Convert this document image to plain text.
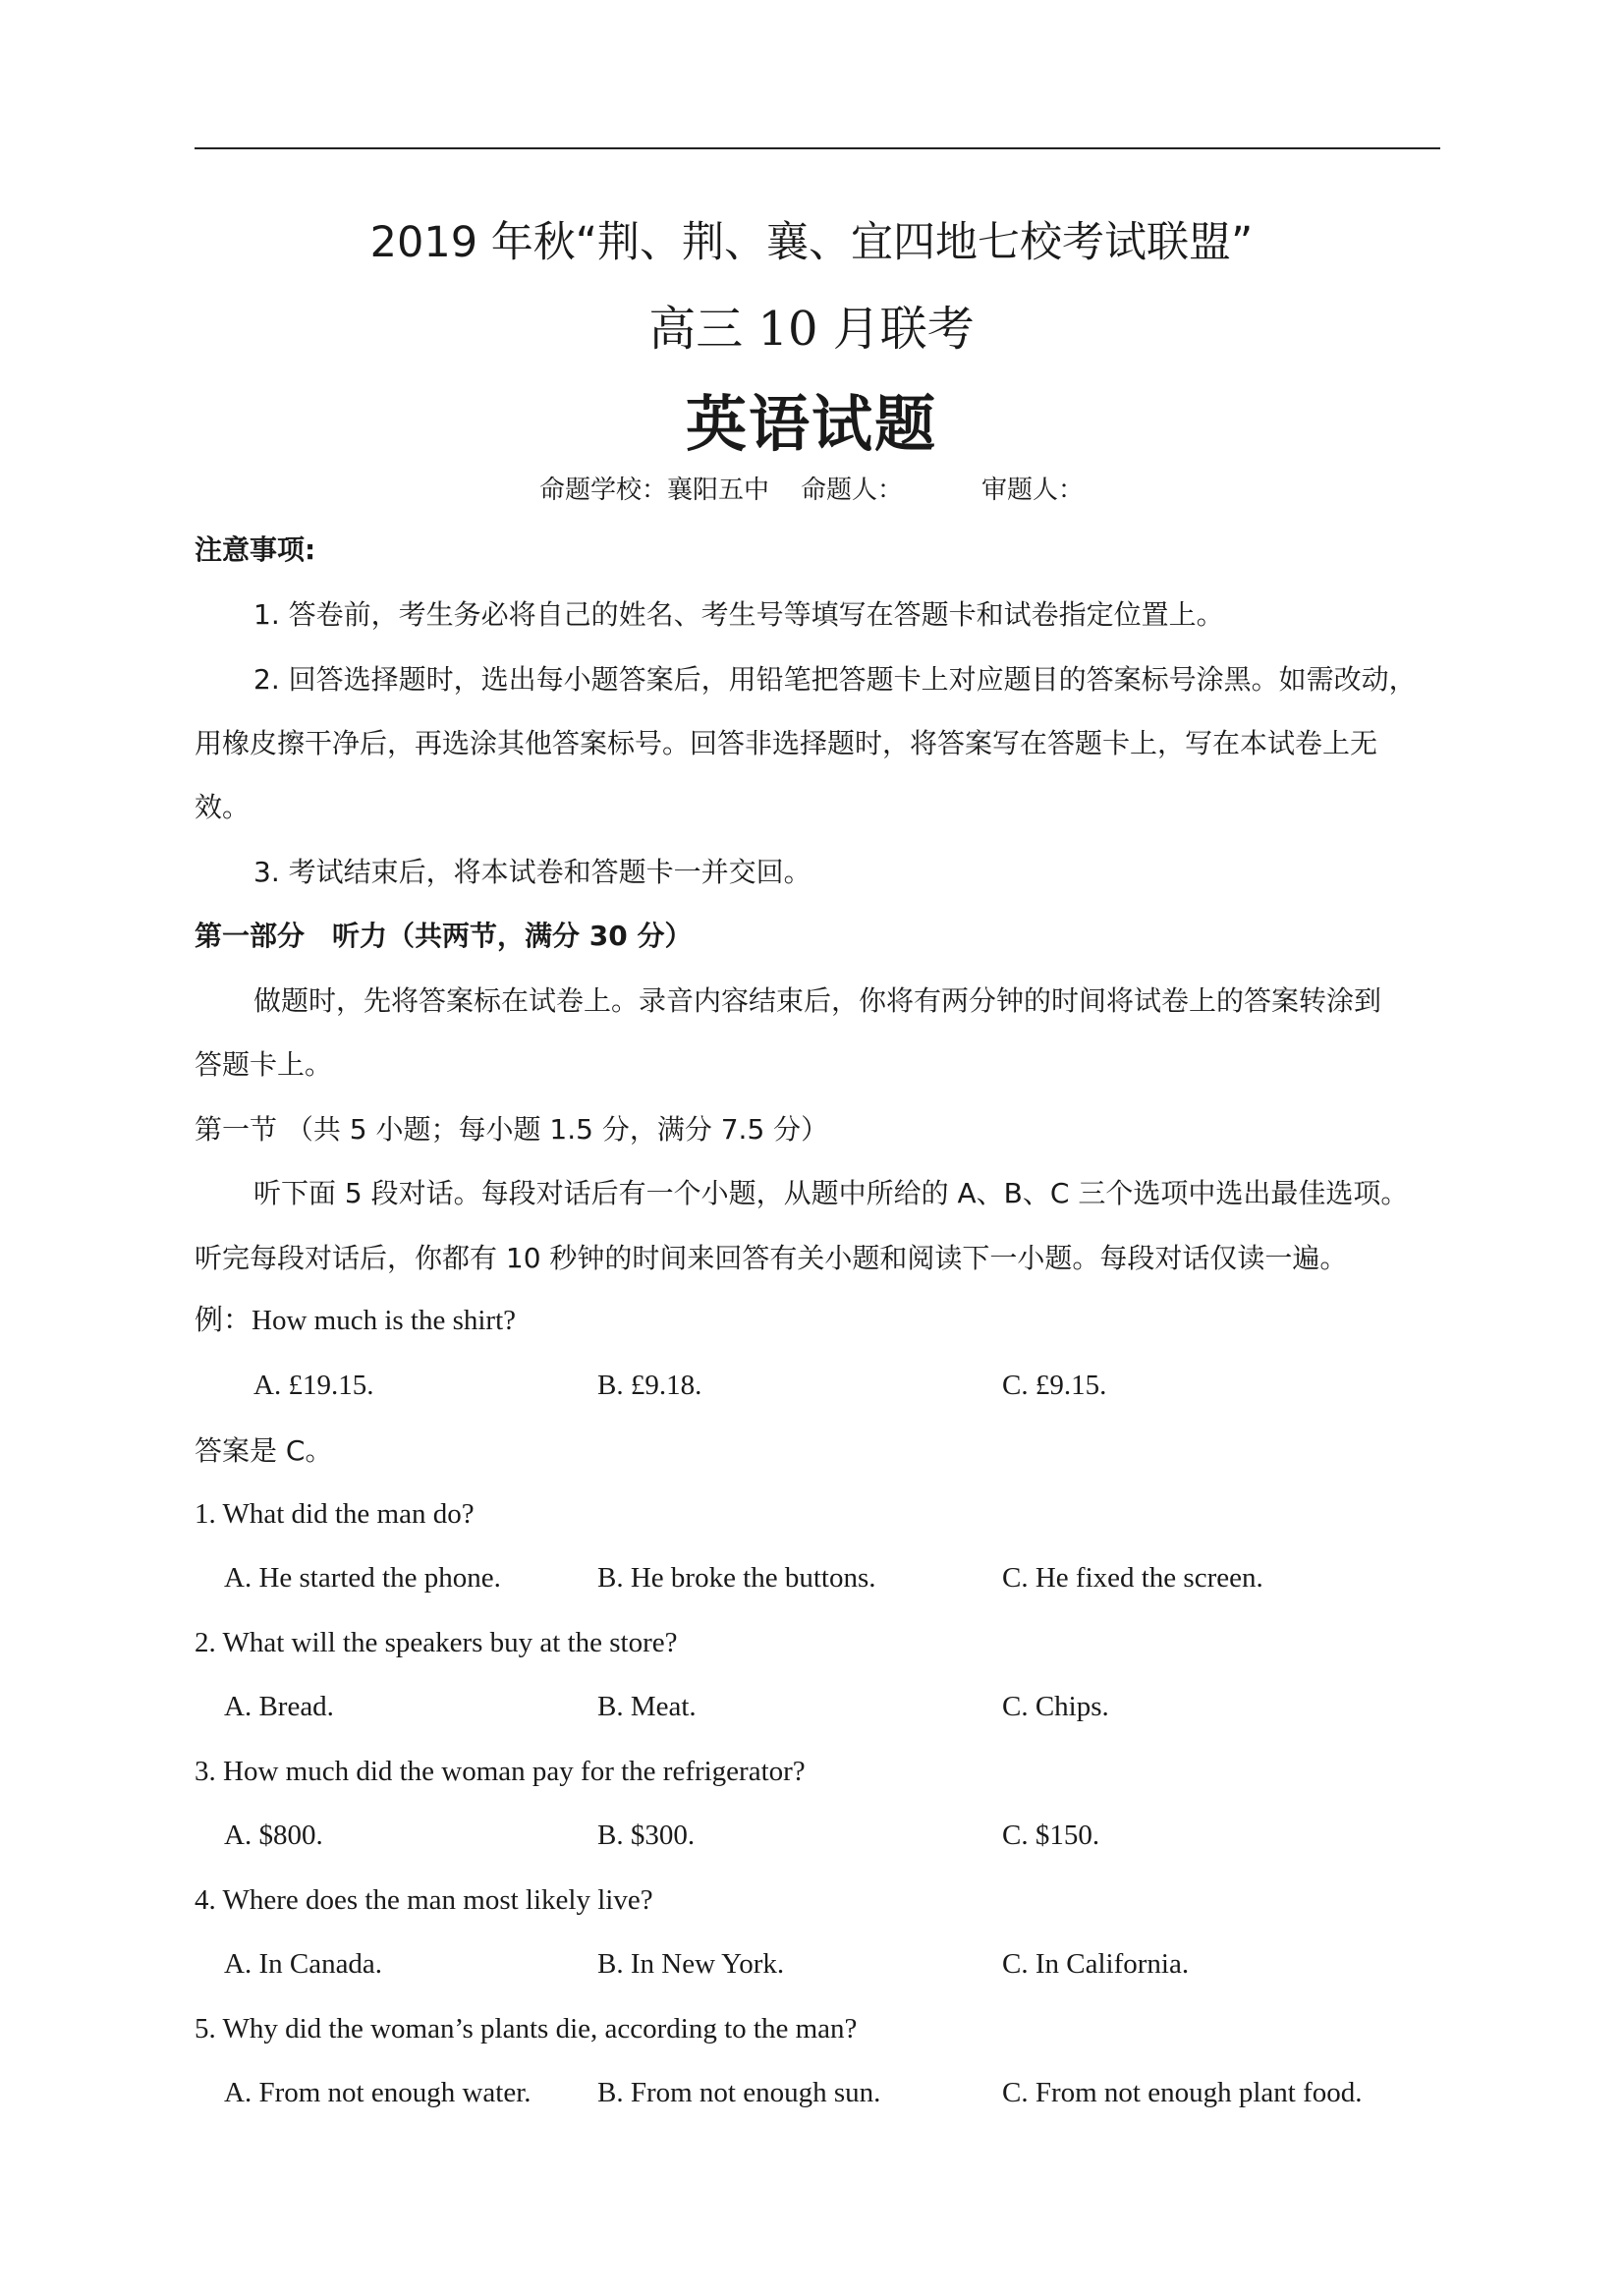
2019 年秋“荆、荆、襄、宜四地七校考试联盟”
高三 10 月联考
英语试题
命题学校：襄阳五中 命题人：	审题人：
注意事项:
1. 答卷前，考生务必将自己的姓名、考生号等填写在答题卡和试卷指定位置上。
2. 回答选择题时，选出每小题答案后，用铅笔把答题卡上对应题目的答案标号涂黑。如需改动，
用橡皮擦干净后，再选涂其他答案标号。回答非选择题时，将答案写在答题卡上，写在本试卷上无
效。
3. 考试结束后，将本试卷和答题卡一并交回。
第一部分　听力（共两节，满分 30 分）
做题时，先将答案标在试卷上。录音内容结束后，你将有两分钟的时间将试卷上的答案转涂到
答题卡上。
第一节 （共 5 小题；每小题 1.5 分，满分 7.5 分）
听下面 5 段对话。每段对话后有一个小题，从题中所给的 A、B、C 三个选项中选出最佳选项。
听完每段对话后，你都有 10 秒钟的时间来回答有关小题和阅读下一小题。每段对话仅读一遍。
例：How much is the shirt?
A. £19.15.	B. £9.18.	C. £9.15.
答案是 C。
1. What did the man do?
A. He started the phone.	B. He broke the buttons.	C. He fixed the screen.
2. What will the speakers buy at the store?
A. Bread.	B. Meat.	C. Chips.
3. How much did the woman pay for the refrigerator?
A. $800.	B. $300.	C. $150.
4. Where does the man most likely live?
A. In Canada.	B. In New York.	C. In California.
5. Why did the woman’s plants die, according to the man?
A. From not enough water. B. From not enough sun.	C. From not enough plant food.
